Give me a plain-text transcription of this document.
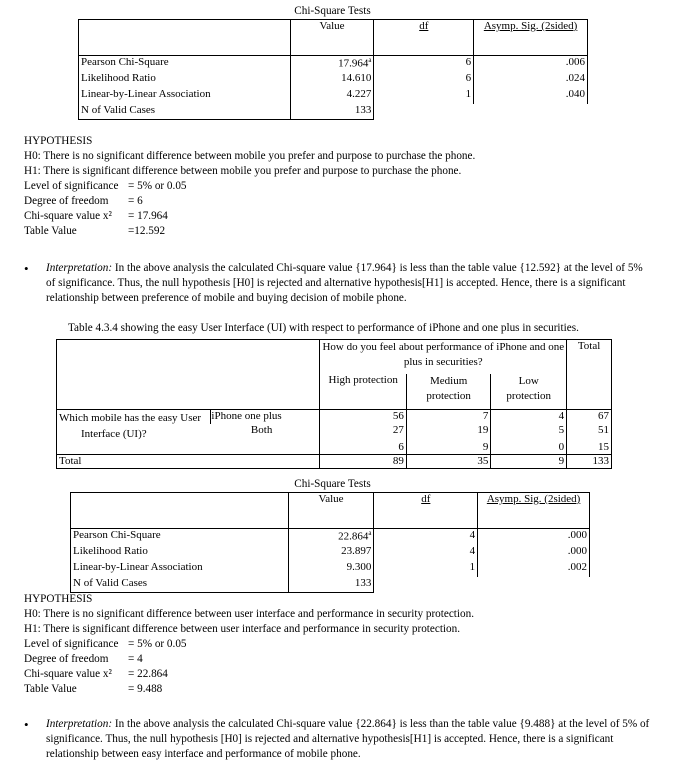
Chi-Square Tests
	Value	df	Asymp. Sig. (2sided)
Pearson Chi-Square	17.964$^a$	6	.006
Likelihood Ratio	14.610	6	.024
Linear-by-Linear Association	4.227	1	.040
N of Valid Cases	133		
HYPOTHESIS
H0: There is no significant difference between mobile you prefer and purpose to purchase the phone.
H1: There is significant difference between mobile you prefer and purpose to purchase the phone.
Level of significance = 5% or 0.05
Degree of freedom = 6
Chi-square value x² = 17.964
Table Value	=12.592
• Interpretation: In the above analysis the calculated Chi-square value {17.964} is less than the table value {12.592} at the level of 5% of significance. Thus, the null hypothesis [H0] is rejected and alternative hypothesis[H1] is accepted. Hence, there is a significant relationship between preference of mobile and buying decision of mobile phone.
Table 4.3.4 showing the easy User Interface (UI) with respect to performance of iPhone and one plus in securities.

			How do you feel about performance of iPhone and one
plus in securities?			Total
			High protection	Medium protection	Low protection	

Which mobile has the easy User
Interface (UI)?	iPhone one plus		56	7	4	67
	Both		27	19	5	51
			6	9	0	15
Total			89	35	9	133
Chi-Square Tests
	Value	df	Asymp. Sig. (2sided)
Pearson Chi-Square	22.864$^a$	4	.000
Likelihood Ratio	23.897	4	.000
Linear-by-Linear Association	9.300	1	.002
N of Valid Cases	133		
HYPOTHESIS
H0: There is no significant difference between user interface and performance in security protection.
H1: There is significant difference between user interface and performance in security protection.
Level of significance = 5% or 0.05
Degree of freedom = 4
Chi-square value x² = 22.864
Table Value	= 9.488
• Interpretation: In the above analysis the calculated Chi-square value {22.864} is less than the table value {9.488} at the level of 5% of significance. Thus, the null hypothesis [H0] is rejected and alternative hypothesis[H1] is accepted. Hence, there is a significant relationship between easy interface and performance of mobile phone.
